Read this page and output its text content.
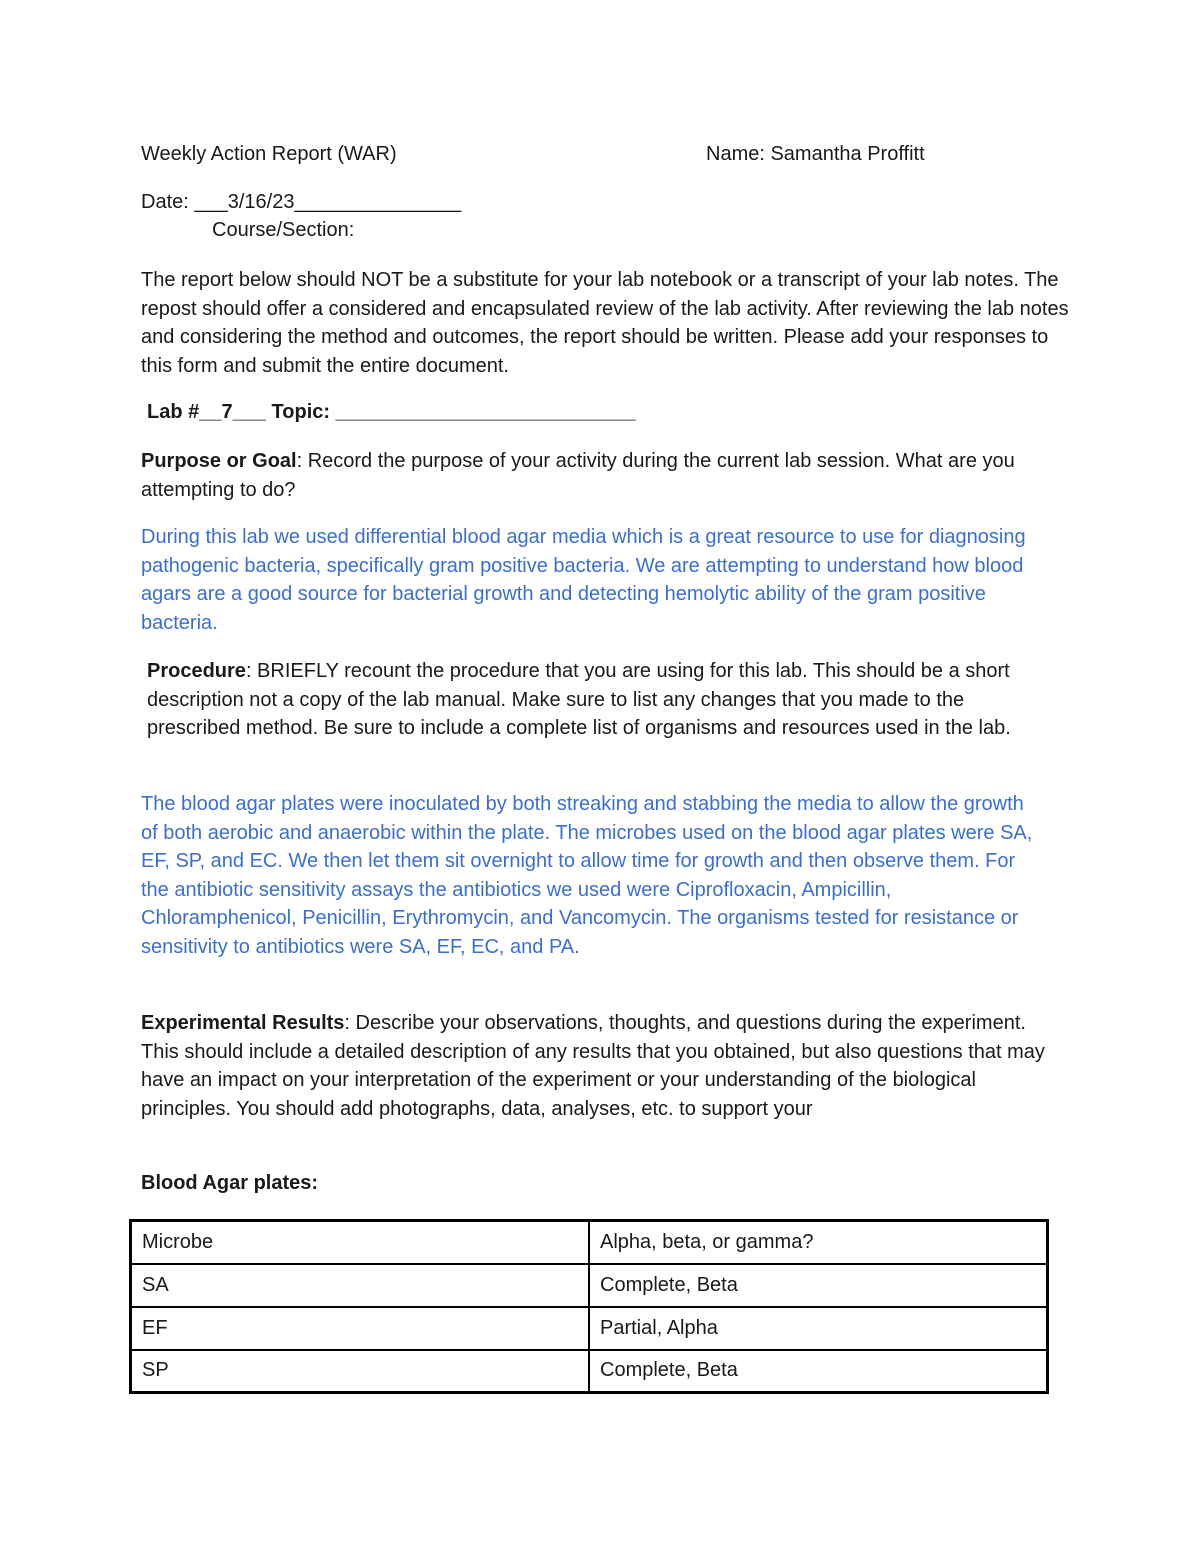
Weekly Action Report (WAR)	Name: Samantha Proffitt
Date: ___3/16/23_______________
Course/Section:
The report below should NOT be a substitute for your lab notebook or a transcript of your lab notes. The repost should offer a considered and encapsulated review of the lab activity. After reviewing the lab notes and considering the method and outcomes, the report should be written. Please add your responses to this form and submit the entire document.
Lab #__7___ Topic: ___________________________
Purpose or Goal: Record the purpose of your activity during the current lab session. What are you attempting to do?
During this lab we used differential blood agar media which is a great resource to use for diagnosing pathogenic bacteria, specifically gram positive bacteria. We are attempting to understand how blood agars are a good source for bacterial growth and detecting hemolytic ability of the gram positive bacteria.
Procedure: BRIEFLY recount the procedure that you are using for this lab. This should be a short description not a copy of the lab manual. Make sure to list any changes that you made to the prescribed method. Be sure to include a complete list of organisms and resources used in the lab.
The blood agar plates were inoculated by both streaking and stabbing the media to allow the growth of both aerobic and anaerobic within the plate. The microbes used on the blood agar plates were SA, EF, SP, and EC. We then let them sit overnight to allow time for growth and then observe them. For the antibiotic sensitivity assays the antibiotics we used were Ciprofloxacin, Ampicillin, Chloramphenicol, Penicillin, Erythromycin, and Vancomycin. The organisms tested for resistance or sensitivity to antibiotics were SA, EF, EC, and PA.
Experimental Results: Describe your observations, thoughts, and questions during the experiment. This should include a detailed description of any results that you obtained, but also questions that may have an impact on your interpretation of the experiment or your understanding of the biological principles. You should add photographs, data, analyses, etc. to support your
Blood Agar plates:
Microbe	Alpha, beta, or gamma?
SA	Complete, Beta
EF	Partial, Alpha
SP	Complete, Beta
